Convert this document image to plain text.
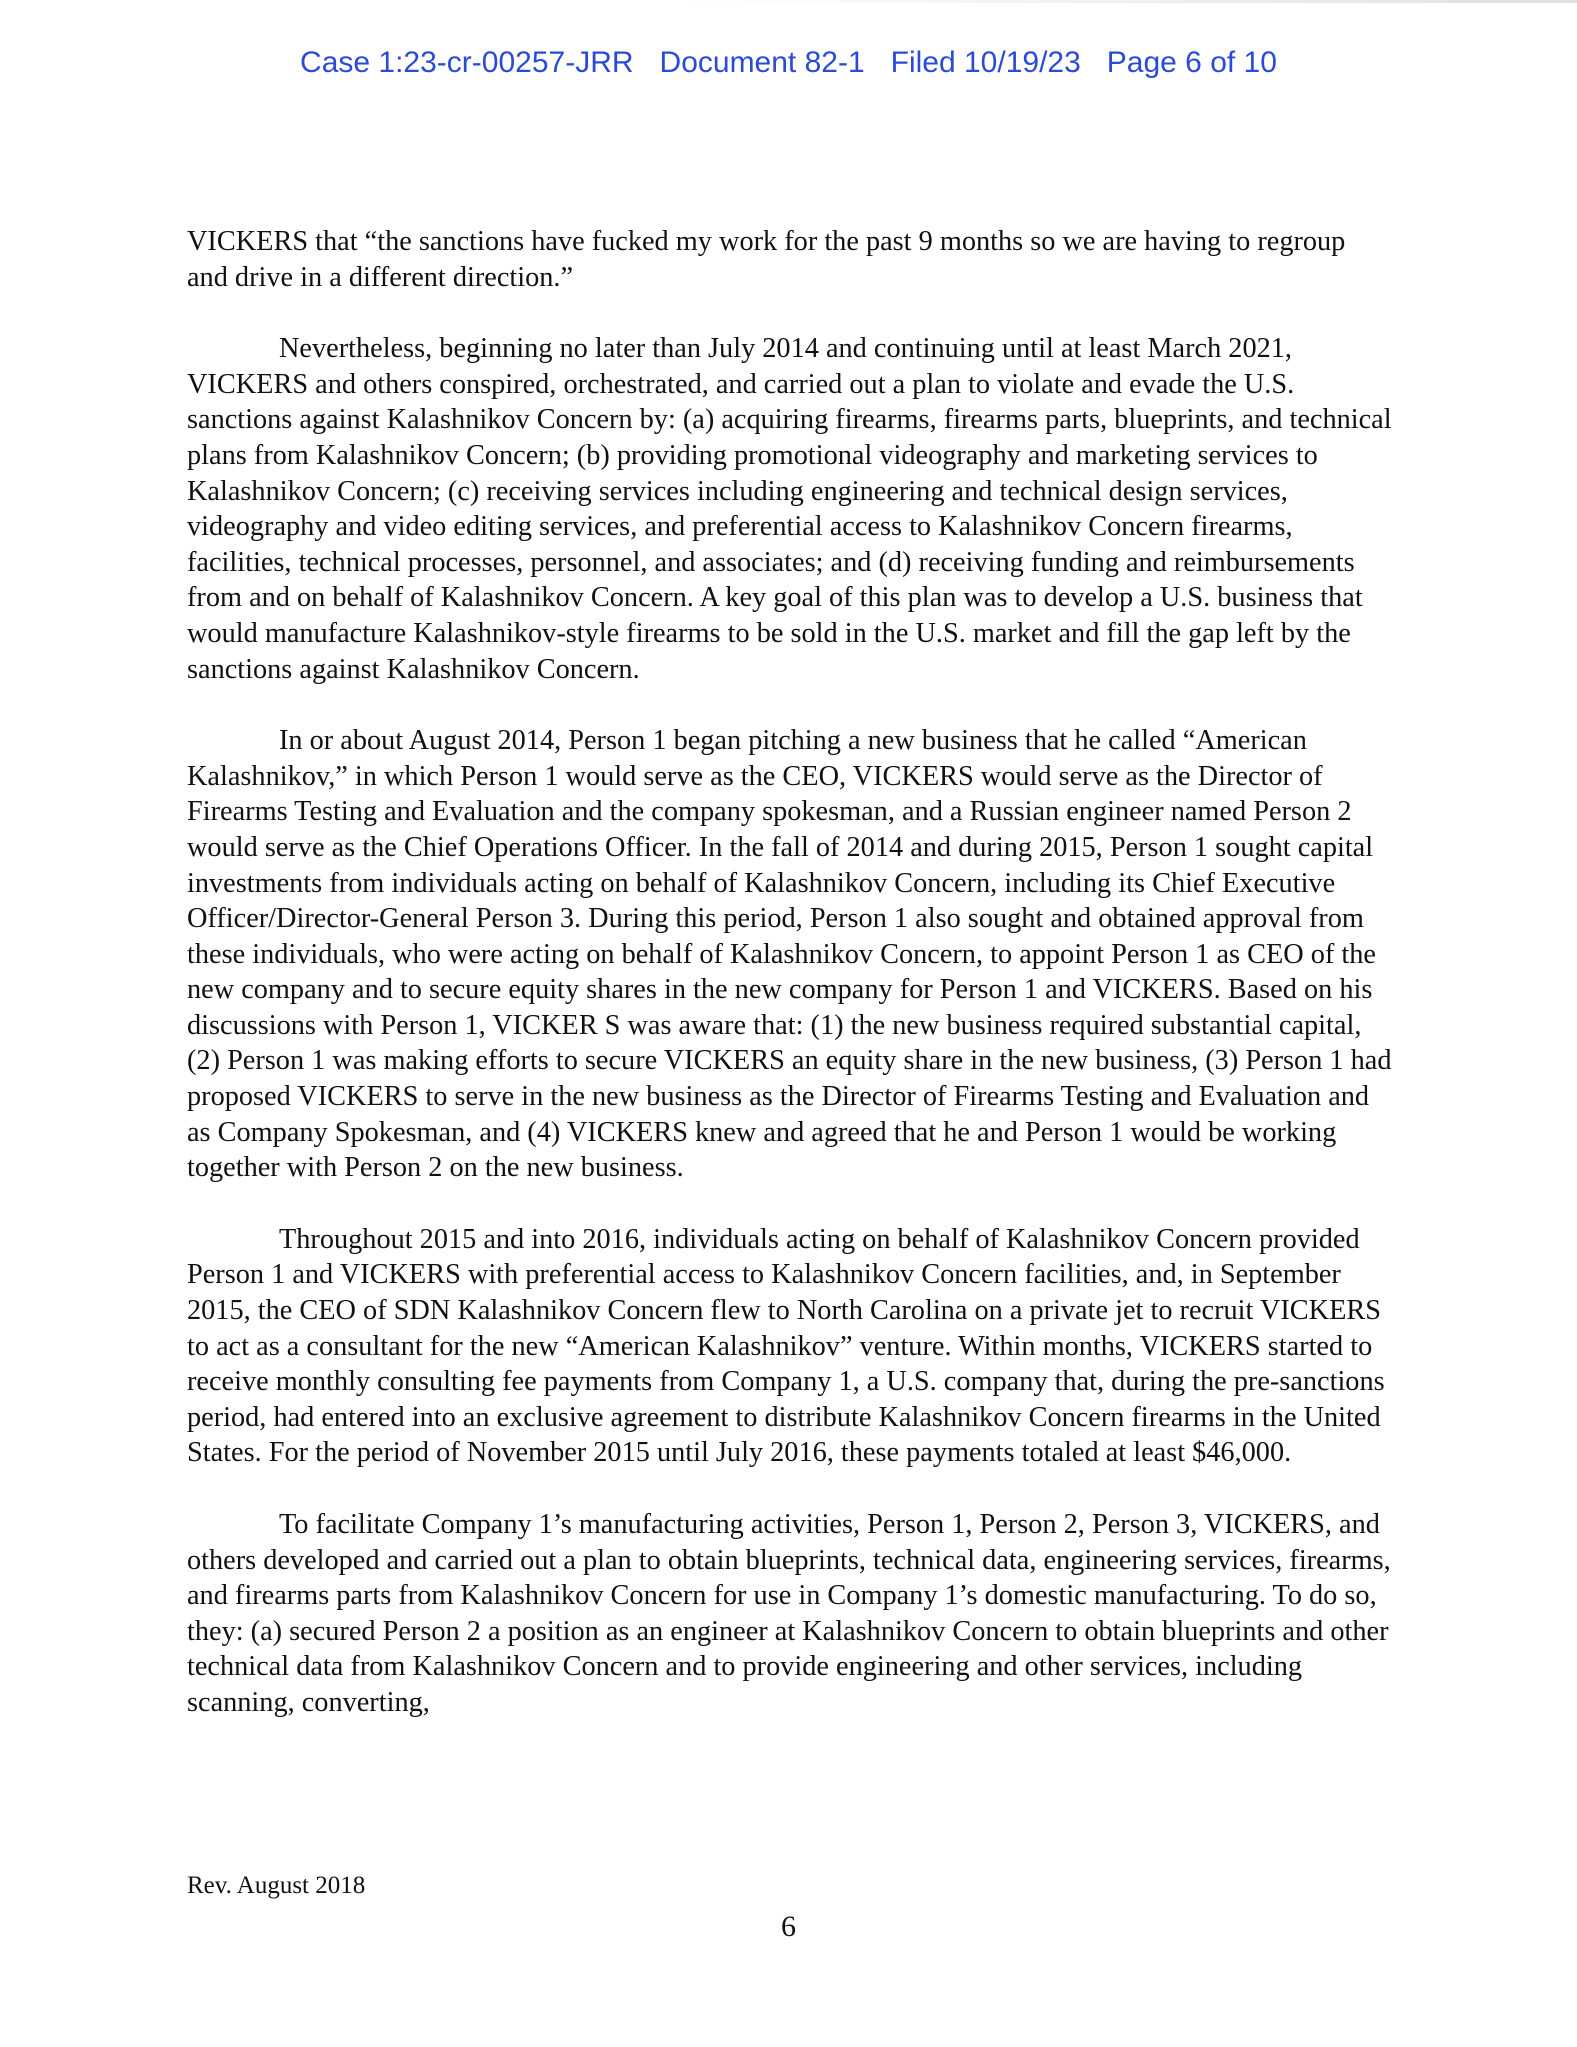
Case 1:23-cr-00257-JRR Document 82-1 Filed 10/19/23 Page 6 of 10

VICKERS that “the sanctions have fucked my work for the past 9 months so we are having to regroup and drive in a different direction.”

Nevertheless, beginning no later than July 2014 and continuing until at least March 2021, VICKERS and others conspired, orchestrated, and carried out a plan to violate and evade the U.S. sanctions against Kalashnikov Concern by: (a) acquiring firearms, firearms parts, blueprints, and technical plans from Kalashnikov Concern; (b) providing promotional videography and marketing services to Kalashnikov Concern; (c) receiving services including engineering and technical design services, videography and video editing services, and preferential access to Kalashnikov Concern firearms, facilities, technical processes, personnel, and associates; and (d) receiving funding and reimbursements from and on behalf of Kalashnikov Concern. A key goal of this plan was to develop a U.S. business that would manufacture Kalashnikov-style firearms to be sold in the U.S. market and fill the gap left by the sanctions against Kalashnikov Concern.

In or about August 2014, Person 1 began pitching a new business that he called “American Kalashnikov,” in which Person 1 would serve as the CEO, VICKERS would serve as the Director of Firearms Testing and Evaluation and the company spokesman, and a Russian engineer named Person 2 would serve as the Chief Operations Officer. In the fall of 2014 and during 2015, Person 1 sought capital investments from individuals acting on behalf of Kalashnikov Concern, including its Chief Executive Officer/Director-General Person 3. During this period, Person 1 also sought and obtained approval from these individuals, who were acting on behalf of Kalashnikov Concern, to appoint Person 1 as CEO of the new company and to secure equity shares in the new company for Person 1 and VICKERS. Based on his discussions with Person 1, VICKER S was aware that: (1) the new business required substantial capital, (2) Person 1 was making efforts to secure VICKERS an equity share in the new business, (3) Person 1 had proposed VICKERS to serve in the new business as the Director of Firearms Testing and Evaluation and as Company Spokesman, and (4) VICKERS knew and agreed that he and Person 1 would be working together with Person 2 on the new business.

Throughout 2015 and into 2016, individuals acting on behalf of Kalashnikov Concern provided Person 1 and VICKERS with preferential access to Kalashnikov Concern facilities, and, in September 2015, the CEO of SDN Kalashnikov Concern flew to North Carolina on a private jet to recruit VICKERS to act as a consultant for the new “American Kalashnikov” venture. Within months, VICKERS started to receive monthly consulting fee payments from Company 1, a U.S. company that, during the pre-sanctions period, had entered into an exclusive agreement to distribute Kalashnikov Concern firearms in the United States. For the period of November 2015 until July 2016, these payments totaled at least $46,000.

To facilitate Company 1’s manufacturing activities, Person 1, Person 2, Person 3, VICKERS, and others developed and carried out a plan to obtain blueprints, technical data, engineering services, firearms, and firearms parts from Kalashnikov Concern for use in Company 1’s domestic manufacturing. To do so, they: (a) secured Person 2 a position as an engineer at Kalashnikov Concern to obtain blueprints and other technical data from Kalashnikov Concern and to provide engineering and other services, including scanning, converting,

Rev. August 2018
6
